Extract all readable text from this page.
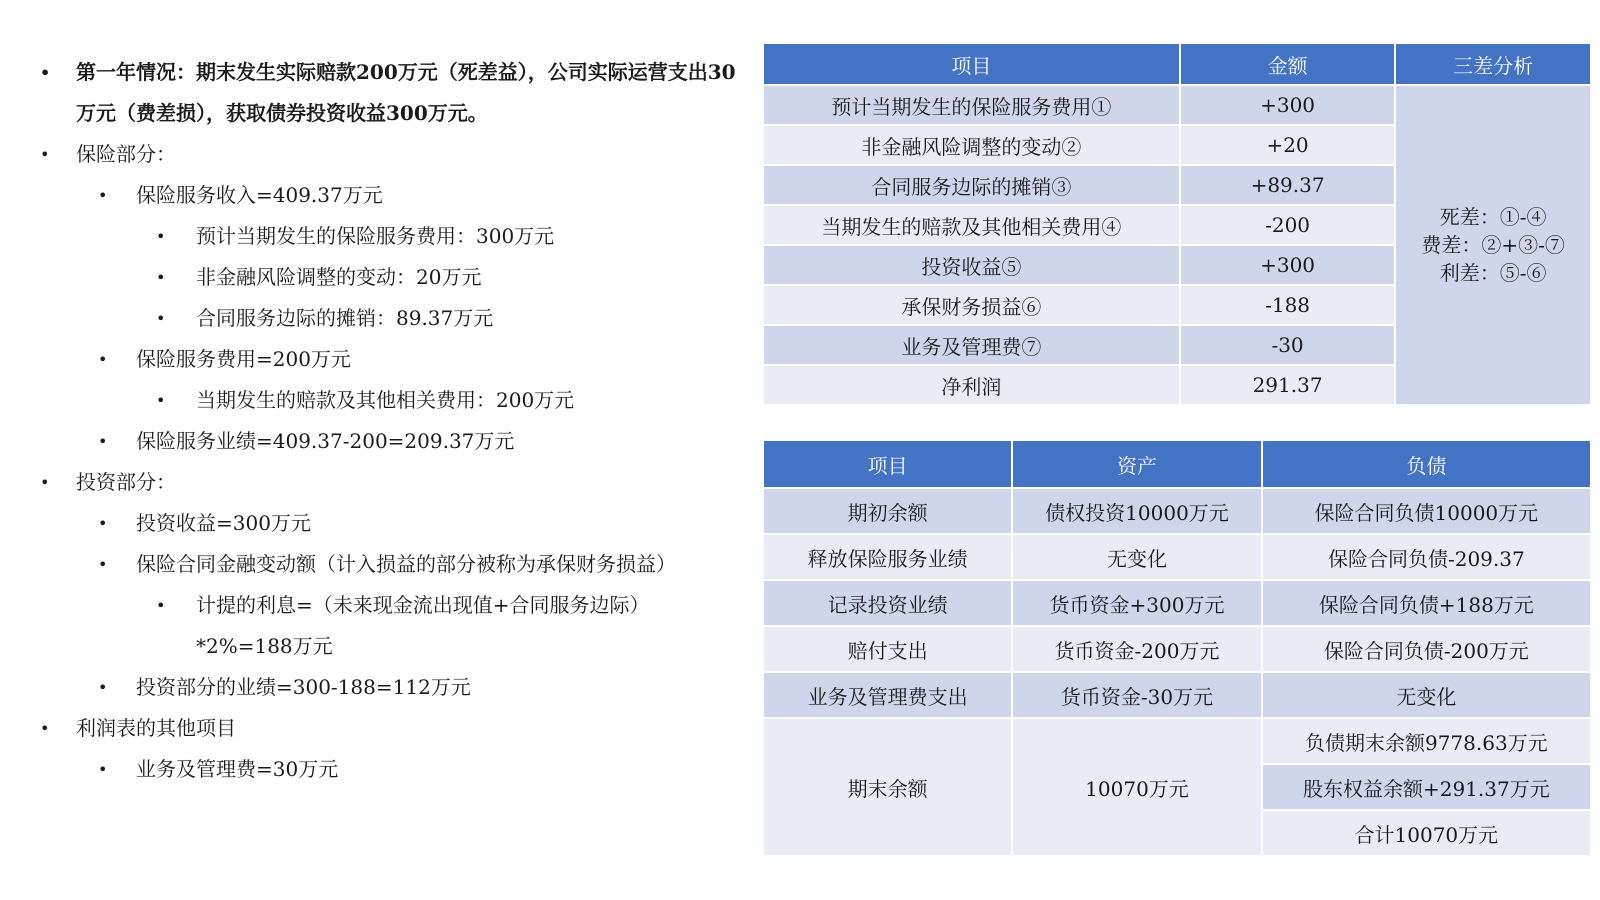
• 第一年情况：期末发生实际赔款200万元（死差益），公司实际运营支出30万元（费差损），获取债券投资收益300万元。
• 保险部分：
• 保险服务收入=409.37万元
• 预计当期发生的保险服务费用：300万元
• 非金融风险调整的变动：20万元
• 合同服务边际的摊销：89.37万元
• 保险服务费用=200万元
• 当期发生的赔款及其他相关费用：200万元
• 保险服务业绩=409.37-200=209.37万元
• 投资部分：
• 投资收益=300万元
• 保险合同金融变动额（计入损益的部分被称为承保财务损益）
• 计提的利息=（未来现金流出现值+合同服务边际）*2%=188万元
• 投资部分的业绩=300-188=112万元
• 利润表的其他项目
• 业务及管理费=30万元
项目	金额	三差分析
预计当期发生的保险服务费用①	+300	死差：①-④
费差：②+③-⑦
利差：⑤-⑥

非金融风险调整的变动②	+20	
合同服务边际的摊销③	+89.37	
当期发生的赔款及其他相关费用④	-200	
投资收益⑤	+300	
承保财务损益⑥	-188	
业务及管理费⑦	-30	
净利润	291.37	
项目	资产	负债
期初余额	债权投资10000万元	保险合同负债10000万元
释放保险服务业绩	无变化	保险合同负债-209.37
记录投资业绩	货币资金+300万元	保险合同负债+188万元
赔付支出	货币资金-200万元	保险合同负债-200万元
业务及管理费支出	货币资金-30万元	无变化
期末余额	10070万元	负债期末余额9778.63万元
		股东权益余额+291.37万元
		合计10070万元
